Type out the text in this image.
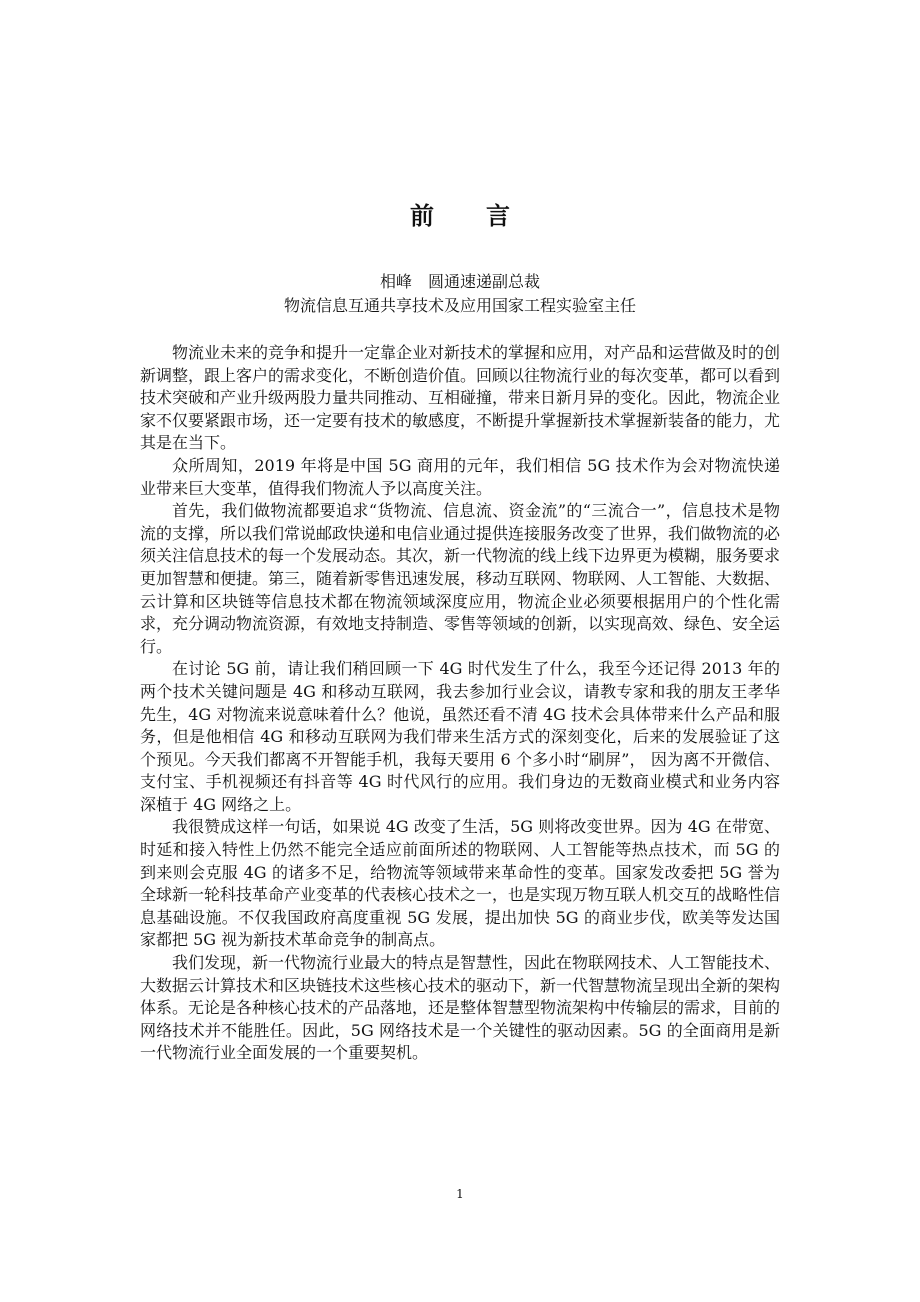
前 言
相峰 圆通速递副总裁
物流信息互通共享技术及应用国家工程实验室主任

物流业未来的竞争和提升一定靠企业对新技术的掌握和应用，对产品和运营做及时的创新调整，跟上客户的需求变化，不断创造价值。回顾以往物流行业的每次变革，都可以看到技术突破和产业升级两股力量共同推动、互相碰撞，带来日新月异的变化。因此，物流企业家不仅要紧跟市场，还一定要有技术的敏感度，不断提升掌握新技术掌握新装备的能力，尤其是在当下。

众所周知，2019 年将是中国 5G 商用的元年，我们相信 5G 技术作为会对物流快递业带来巨大变革，值得我们物流人予以高度关注。

首先，我们做物流都要追求“货物流、信息流、资金流”的“三流合一”，信息技术是物流的支撑，所以我们常说邮政快递和电信业通过提供连接服务改变了世界，我们做物流的必须关注信息技术的每一个发展动态。其次，新一代物流的线上线下边界更为模糊，服务要求更加智慧和便捷。第三，随着新零售迅速发展，移动互联网、物联网、人工智能、大数据、云计算和区块链等信息技术都在物流领域深度应用，物流企业必须要根据用户的个性化需求，充分调动物流资源，有效地支持制造、零售等领域的创新，以实现高效、绿色、安全运行。

在讨论 5G 前，请让我们稍回顾一下 4G 时代发生了什么，我至今还记得 2013 年的两个技术关键问题是 4G 和移动互联网，我去参加行业会议，请教专家和我的朋友王孝华先生，4G 对物流来说意味着什么？他说，虽然还看不清 4G 技术会具体带来什么产品和服务，但是他相信 4G 和移动互联网为我们带来生活方式的深刻变化，后来的发展验证了这个预见。今天我们都离不开智能手机，我每天要用 6 个多小时“刷屏”， 因为离不开微信、支付宝、手机视频还有抖音等 4G 时代风行的应用。我们身边的无数商业模式和业务内容深植于 4G 网络之上。

我很赞成这样一句话，如果说 4G 改变了生活，5G 则将改变世界。因为 4G 在带宽、时延和接入特性上仍然不能完全适应前面所述的物联网、人工智能等热点技术，而 5G 的到来则会克服 4G 的诸多不足，给物流等领域带来革命性的变革。国家发改委把 5G 誉为全球新一轮科技革命产业变革的代表核心技术之一，也是实现万物互联人机交互的战略性信息基础设施。不仅我国政府高度重视 5G 发展，提出加快 5G 的商业步伐，欧美等发达国家都把 5G 视为新技术革命竞争的制高点。

我们发现，新一代物流行业最大的特点是智慧性，因此在物联网技术、人工智能技术、大数据云计算技术和区块链技术这些核心技术的驱动下，新一代智慧物流呈现出全新的架构体系。无论是各种核心技术的产品落地，还是整体智慧型物流架构中传输层的需求，目前的网络技术并不能胜任。因此，5G 网络技术是一个关键性的驱动因素。5G 的全面商用是新一代物流行业全面发展的一个重要契机。

1
